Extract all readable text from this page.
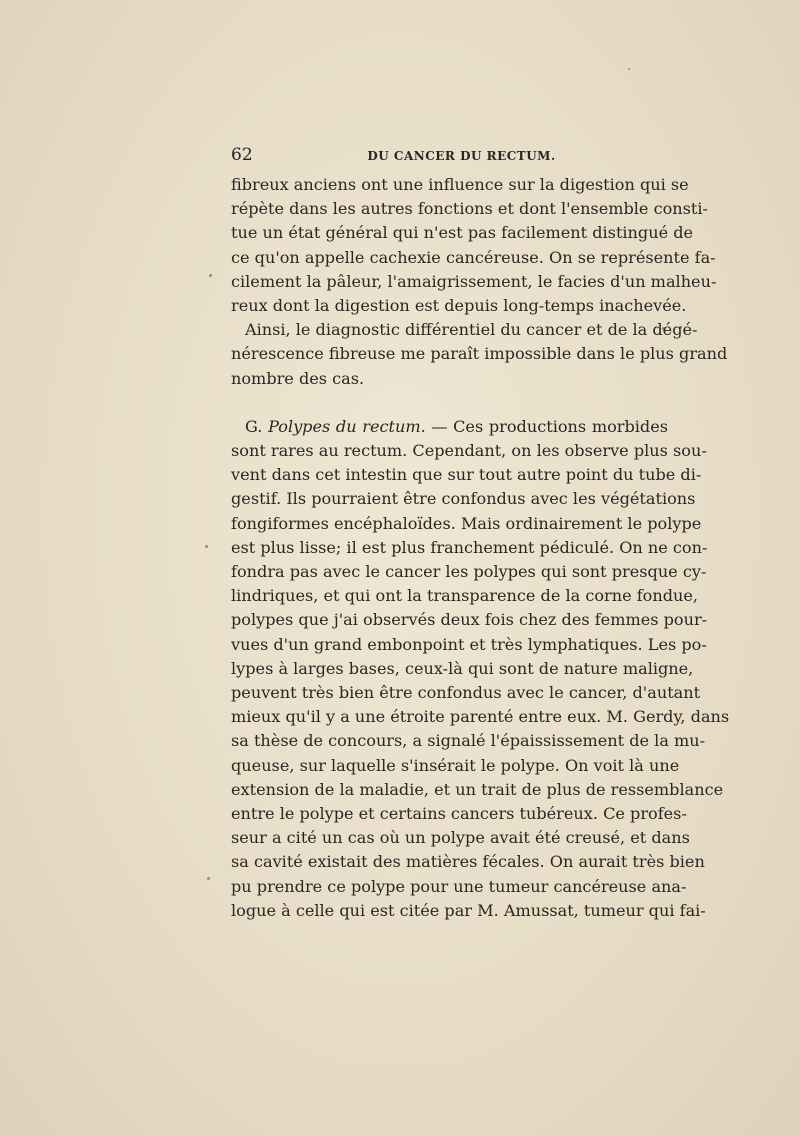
62	DU CANCER DU RECTUM.

fibreux anciens ont une influence sur la digestion qui se
répète dans les autres fonctions et dont l'ensemble consti-
tue un état général qui n'est pas facilement distingué de
ce qu'on appelle cachexie cancéreuse. On se représente fa-
cilement la pâleur, l'amaigrissement, le facies d'un malheu-
reux dont la digestion est depuis long-temps inachevée.

Ainsi, le diagnostic différentiel du cancer et de la dégé-
nérescence fibreuse me paraît impossible dans le plus grand
nombre des cas.

G. Polypes du rectum. — Ces productions morbides
sont rares au rectum. Cependant, on les observe plus sou-
vent dans cet intestin que sur tout autre point du tube di-
gestif. Ils pourraient être confondus avec les végétations
fongiformes encéphaloïdes. Mais ordinairement le polype
est plus lisse; il est plus franchement pédiculé. On ne con-
fondra pas avec le cancer les polypes qui sont presque cy-
lindriques, et qui ont la transparence de la corne fondue,
polypes que j'ai observés deux fois chez des femmes pour-
vues d'un grand embonpoint et très lymphatiques. Les po-
lypes à larges bases, ceux-là qui sont de nature maligne,
peuvent très bien être confondus avec le cancer, d'autant
mieux qu'il y a une étroite parenté entre eux. M. Gerdy, dans
sa thèse de concours, a signalé l'épaississement de la mu-
queuse, sur laquelle s'insérait le polype. On voit là une
extension de la maladie, et un trait de plus de ressemblance
entre le polype et certains cancers tubéreux. Ce profes-
seur a cité un cas où un polype avait été creusé, et dans
sa cavité existait des matières fécales. On aurait très bien
pu prendre ce polype pour une tumeur cancéreuse ana-
logue à celle qui est citée par M. Amussat, tumeur qui fai-
